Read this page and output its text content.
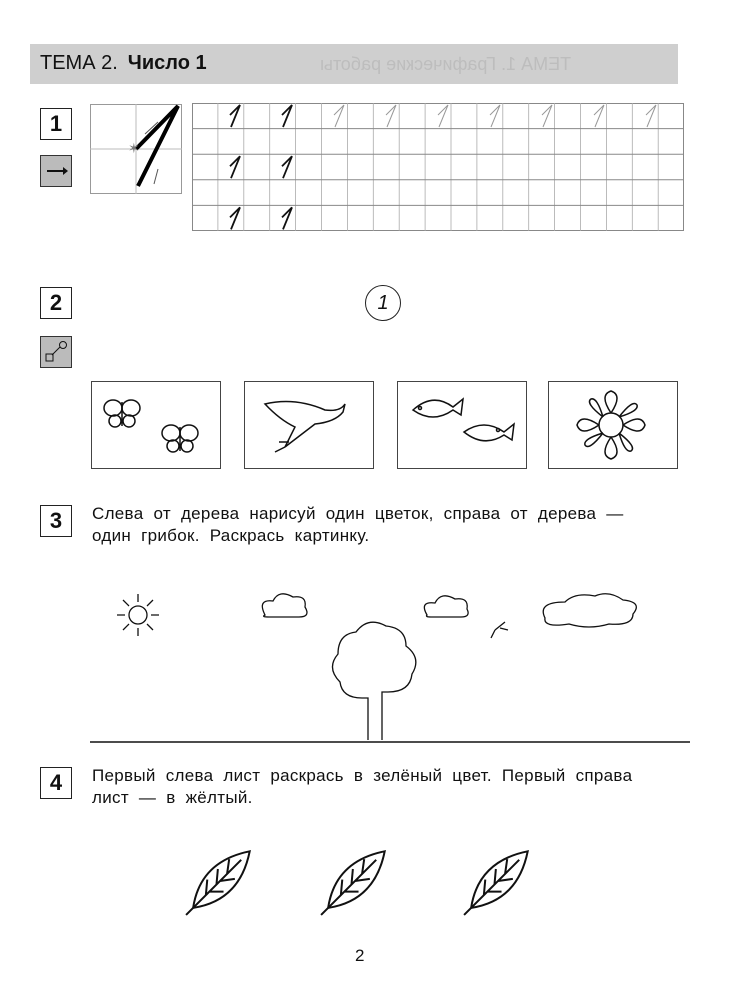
ТЕМА 1. Графические работы
ТЕМА 2. Число 1
1
✶
2	1
3	Слева от дерева нарисуй один цветок, справа от дерева — один грибок. Раскрась картинку.
4	Первый слева лист раскрась в зелёный цвет. Первый справа лист — в жёлтый.
2
